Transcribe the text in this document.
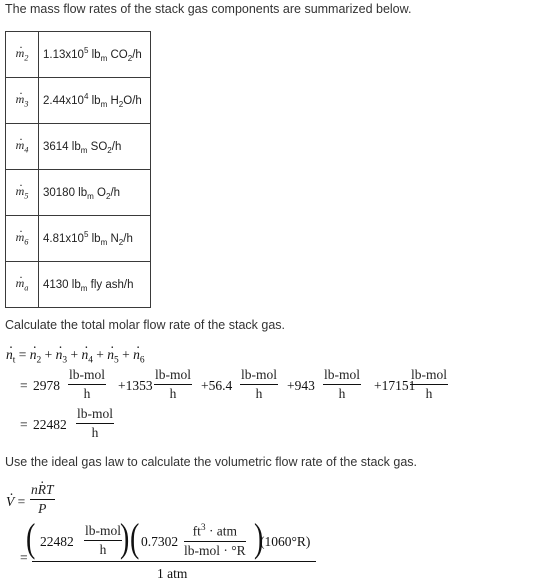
The mass flow rates of the stack gas components are summarized below.
· $m_2$	$1.13x10^5$ $lb_m$ $CO_2/h$
· $m_3$	$2.44x10^4$ $lb_m$ $H_2O/h$
· $m_4$	3614 $lb_m$ $SO_2/h$
· $m_5$	30180 $lb_m$ $O_2/h$
· $m_6$	$4.81x10^5$ $lb_m$ $N_2/h$
· $m_a$	4130 $lb_m$ fly ash/h
Calculate the total molar flow rate of the stack gas.
· $n_t$ = · $n_2$ + · $n_3$ + · $n_4$ + · $n_5$ + · $n_6$
= 2978
lb-mol
h
+1353
lb-mol
h
+56.4
lb-mol
h
+943
lb-mol
h
+17151
lb-mol
h
= 22482
lb-mol
h
Use the ideal gas law to calculate the volumetric flow rate of the stack gas.
· V =
· nRT
P
=
( 22482
lb-mol
h ) ( 0.7302
$ft^3$ · atm
lb-mol · °R )
(1060°R)
1 atm
